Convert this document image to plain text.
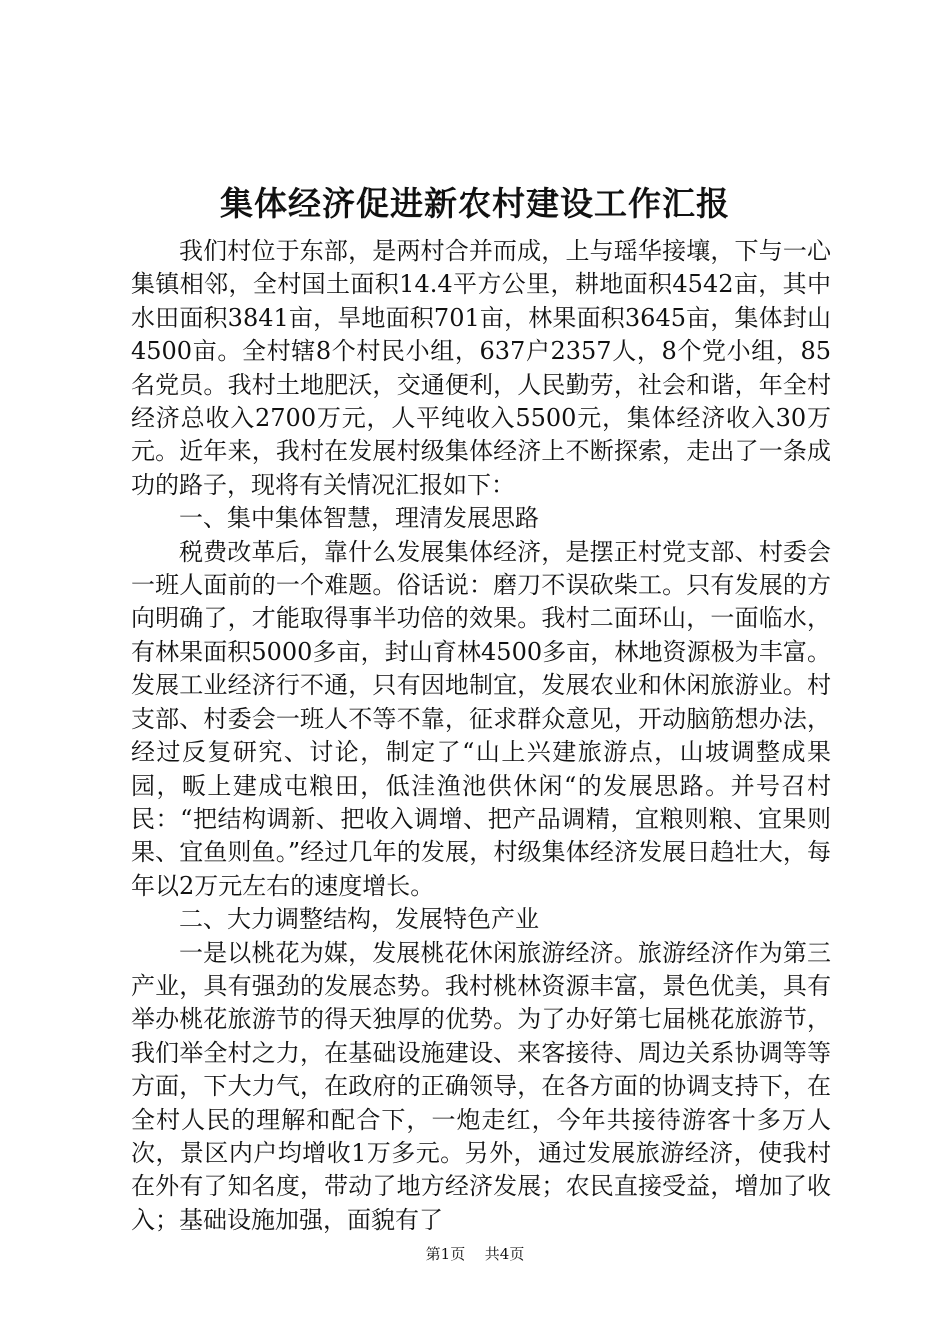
集体经济促进新农村建设工作汇报

我们村位于东部，是两村合并而成，上与瑶华接壤，下与一心集镇相邻，全村国土面积14.4平方公里，耕地面积4542亩，其中水田面积3841亩，旱地面积701亩，林果面积3645亩，集体封山4500亩。全村辖8个村民小组，637户2357人，8个党小组，85名党员。我村土地肥沃，交通便利，人民勤劳，社会和谐，年全村经济总收入2700万元，人平纯收入5500元，集体经济收入30万元。近年来，我村在发展村级集体经济上不断探索，走出了一条成功的路子，现将有关情况汇报如下：

一、集中集体智慧，理清发展思路

税费改革后，靠什么发展集体经济，是摆正村党支部、村委会一班人面前的一个难题。俗话说：磨刀不误砍柴工。只有发展的方向明确了，才能取得事半功倍的效果。我村二面环山，一面临水，有林果面积5000多亩，封山育林4500多亩，林地资源极为丰富。发展工业经济行不通，只有因地制宜，发展农业和休闲旅游业。村支部、村委会一班人不等不靠，征求群众意见，开动脑筋想办法，经过反复研究、讨论，制定了“山上兴建旅游点，山坡调整成果园，畈上建成屯粮田，低洼渔池供休闲“的发展思路。并号召村民：“把结构调新、把收入调增、把产品调精，宜粮则粮、宜果则果、宜鱼则鱼。”经过几年的发展，村级集体经济发展日趋壮大，每年以2万元左右的速度增长。

二、大力调整结构，发展特色产业

一是以桃花为媒，发展桃花休闲旅游经济。旅游经济作为第三产业，具有强劲的发展态势。我村桃林资源丰富，景色优美，具有举办桃花旅游节的得天独厚的优势。为了办好第七届桃花旅游节，我们举全村之力，在基础设施建设、来客接待、周边关系协调等等方面，下大力气，在政府的正确领导，在各方面的协调支持下，在全村人民的理解和配合下，一炮走红，今年共接待游客十多万人次，景区内户均增收1万多元。另外，通过发展旅游经济，使我村在外有了知名度，带动了地方经济发展；农民直接受益，增加了收入；基础设施加强，面貌有了

第1页 共4页
